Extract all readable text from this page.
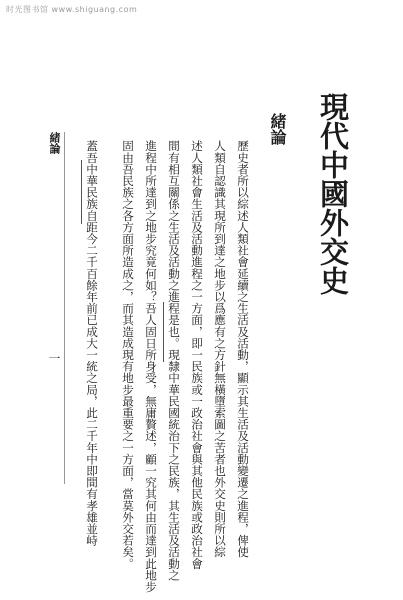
时光图书馆 www.shiguang.com
現代中國外交史
緒論
歷史者所以綜述人類社會延續之生活及活動，顯示其生活及活動變遷之進程，俾使
人類自認識其現所到達之地步以爲應有之方針無橫墮索圖之苦者也外交史則所以綜
述人類社會生活及活動進程之一方面，即一民族或一政治社會與其他民族或政治社會
間有相互關係之生活及活動之進程是也。現隸中華民國統治下之民族，其生活及活動之
進程中所達到之地步究竟何如？吾人固日所身受，無庸贅述，顧一究其何由而達到此地步
固由吾民族之各方面所造成之，而其造成現有地步最重要之一方面，當莫外交若矣。
蓋吾中華民族自距今二千百餘年前已成大一統之局，此二千年中即間有孝雄並峙
緒論
一
